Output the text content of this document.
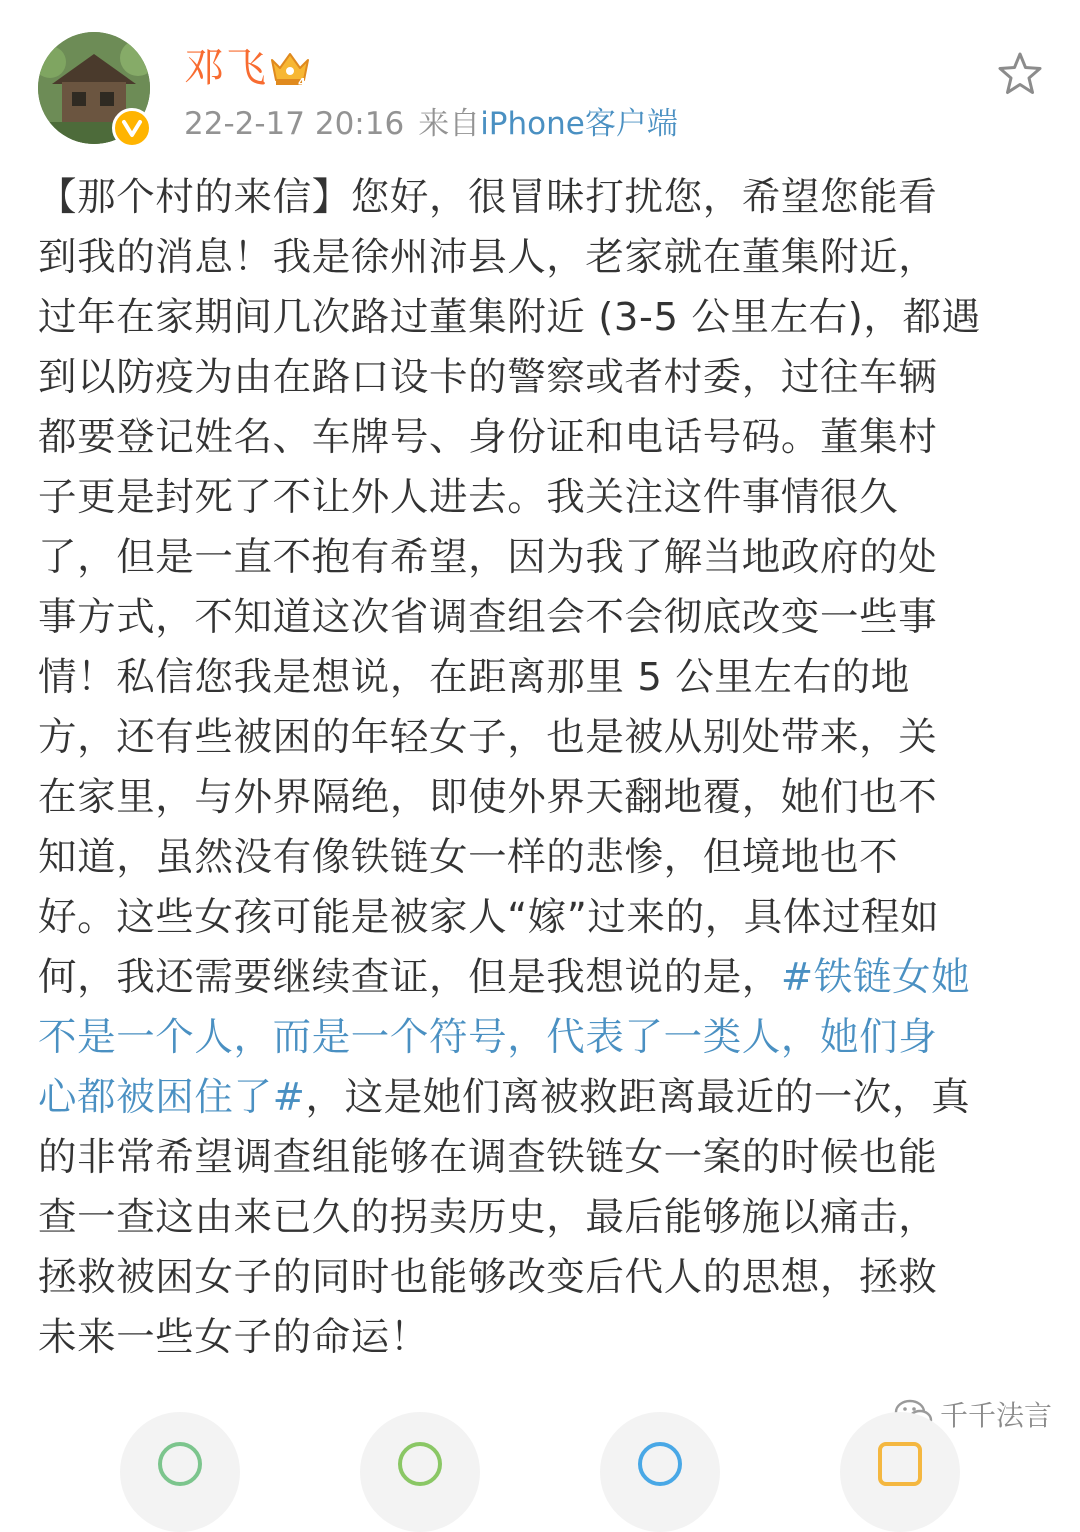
邓飞	4
22-2-17 20:16 来自iPhone客户端
【那个村的来信】您好，很冒昧打扰您，希望您能看
到我的消息！我是徐州沛县人，老家就在董集附近，
过年在家期间几次路过董集附近 (3-5 公里左右)，都遇
到以防疫为由在路口设卡的警察或者村委，过往车辆
都要登记姓名、车牌号、身份证和电话号码。董集村
子更是封死了不让外人进去。我关注这件事情很久
了，但是一直不抱有希望，因为我了解当地政府的处
事方式，不知道这次省调查组会不会彻底改变一些事
情！私信您我是想说，在距离那里 5 公里左右的地
方，还有些被困的年轻女子，也是被从别处带来，关
在家里，与外界隔绝，即使外界天翻地覆，她们也不
知道，虽然没有像铁链女一样的悲惨，但境地也不
好。这些女孩可能是被家人“嫁”过来的，具体过程如
何，我还需要继续查证，但是我想说的是，#铁链女她
不是一个人，而是一个符号，代表了一类人，她们身
心都被困住了#，这是她们离被救距离最近的一次，真
的非常希望调查组能够在调查铁链女一案的时候也能
查一查这由来已久的拐卖历史，最后能够施以痛击，
拯救被困女子的同时也能够改变后代人的思想，拯救
未来一些女子的命运！
千千法言
